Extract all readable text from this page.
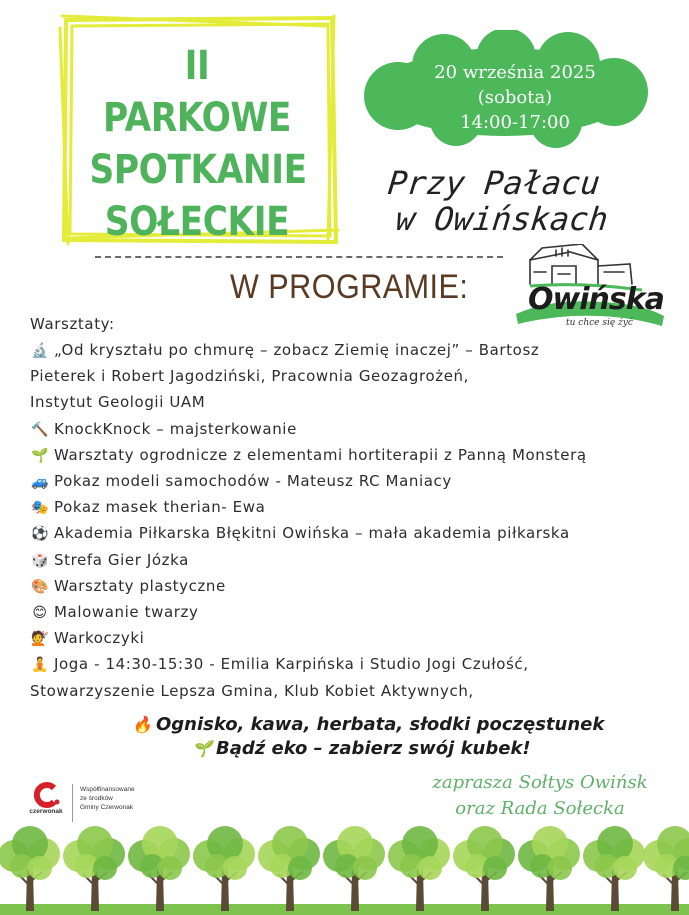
II PARKOWE
SPOTKANIE
SOŁECKIE
20 września 2025
(sobota)
14:00-17:00
Przy Pałacu
w Owińskach
W PROGRAMIE: Owińska
tu chce się żyć
Warsztaty:
🔬 „Od kryształu po chmurę – zobacz Ziemię inaczej” – Bartosz
Pieterek i Robert Jagodziński, Pracownia Geozagrożeń,
Instytut Geologii UAM
🔨 KnockKnock – majsterkowanie
🌱 Warsztaty ogrodnicze z elementami hortiterapii z Panną Monsterą
🚙 Pokaz modeli samochodów - Mateusz RC Maniacy
🎭 Pokaz masek therian- Ewa
⚽ Akademia Piłkarska Błękitni Owińska – mała akademia piłkarska
🎲 Strefa Gier Józka
🎨 Warsztaty plastyczne
😊 Malowanie twarzy
💇 Warkoczyki
🧘 Joga - 14:30-15:30 - Emilia Karpińska i Studio Jogi Czułość,
Stowarzyszenie Lepsza Gmina, Klub Kobiet Aktywnych,
🔥 Ognisko, kawa, herbata, słodki poczęstunek
🌱 Bądź eko – zabierz swój kubek!
zaprasza Sołtys Owińsk
oraz Rada Sołecka
czerwonak
Współfinansowane
ze środków
Gminy Czerwonak
